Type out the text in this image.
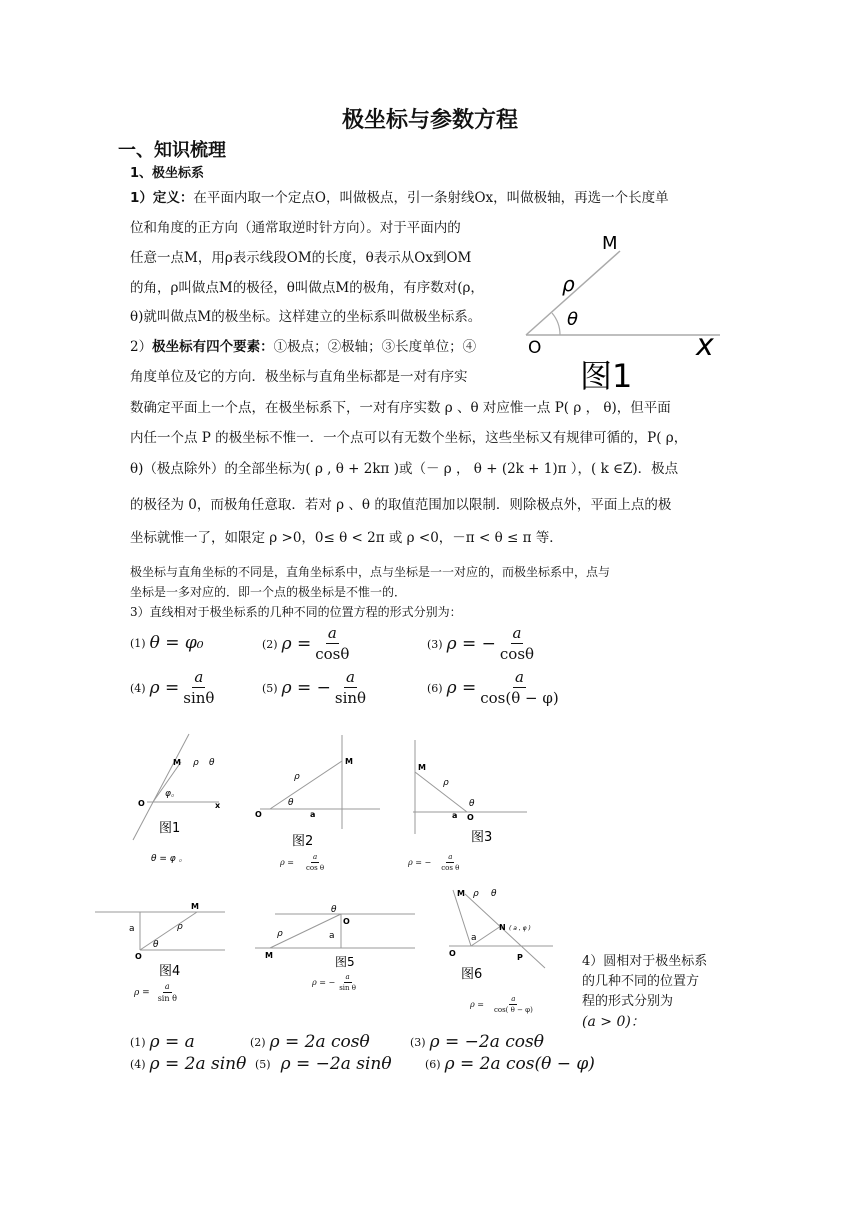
极坐标与参数方程
一、知识梳理
1、极坐标系
1）定义：在平面内取一个定点O，叫做极点，引一条射线Ox，叫做极轴，再选一个长度单
位和角度的正方向（通常取逆时针方向）。对于平面内的
任意一点M，用ρ表示线段OM的长度，θ表示从Ox到OM
的角，ρ叫做点M的极径，θ叫做点M的极角，有序数对(ρ，
θ)就叫做点M的极坐标。这样建立的坐标系叫做极坐标系。
2）极坐标有四个要素：①极点；②极轴；③长度单位；④
角度单位及它的方向．极坐标与直角坐标都是一对有序实
数确定平面上一个点，在极坐标系下，一对有序实数 ρ 、θ 对应惟一点 P( ρ ， θ)，但平面
内任一个点 P 的极坐标不惟一．一个点可以有无数个坐标，这些坐标又有规律可循的，P( ρ，
θ)（极点除外）的全部坐标为( ρ , θ + 2kπ )或（－ ρ ， θ + (2k + 1)π ），( k ∈Z)．极点
的极径为 0，而极角任意取．若对 ρ 、θ 的取值范围加以限制．则除极点外，平面上点的极
坐标就惟一了，如限定 ρ >0，0≤ θ < 2π 或 ρ <0，－π < θ ≤ π 等．
极坐标与直角坐标的不同是，直角坐标系中，点与坐标是一一对应的，而极坐标系中，点与
坐标是一多对应的．即一个点的极坐标是不惟一的．
3）直线相对于极坐标系的几种不同的位置方程的形式分别为：
M
O	x
ρ
θ
图1
(1) θ = φ₀	(2) $\rho = \frac{a}{\cos\theta}$	(3) ρ = − $\frac{a}{\cos\theta}$
(4) $\rho = \frac{a}{\sin\theta}$	(5) ρ = − $\frac{a}{\sin\theta}$	(6) $\rho = \frac{a}{\cos(\theta - \varphi)}$
M
O	x
ρ θ
φ。
图1
θ = φ 。
M
O	a
ρ
θ
图2
$\rho = \frac{a}{\text{cos θ}}$
M
O
a
ρ
θ
图3
ρ = − $\frac{a}{\text{cos θ}}$
M
O
a	ρ
θ
图4
$\rho = \frac{a}{\text{sin θ}}$
O
M
a
ρ
θ
图5
ρ = − $\frac{a}{\text{sin θ}}$
M
O	P
N ( a , φ )
a
ρ θ
图6
$\rho = \frac{a}{\cos( \theta - \varphi)}$
4）圆相对于极坐标系
的几种不同的位置方
程的形式分别为
(a > 0)：
(1) ρ = a	(2) ρ = 2a cosθ	(3) ρ = −2a cosθ
(4) ρ = 2a sinθ (5) ρ = −2a sinθ	(6) ρ = 2a cos(θ − φ)
